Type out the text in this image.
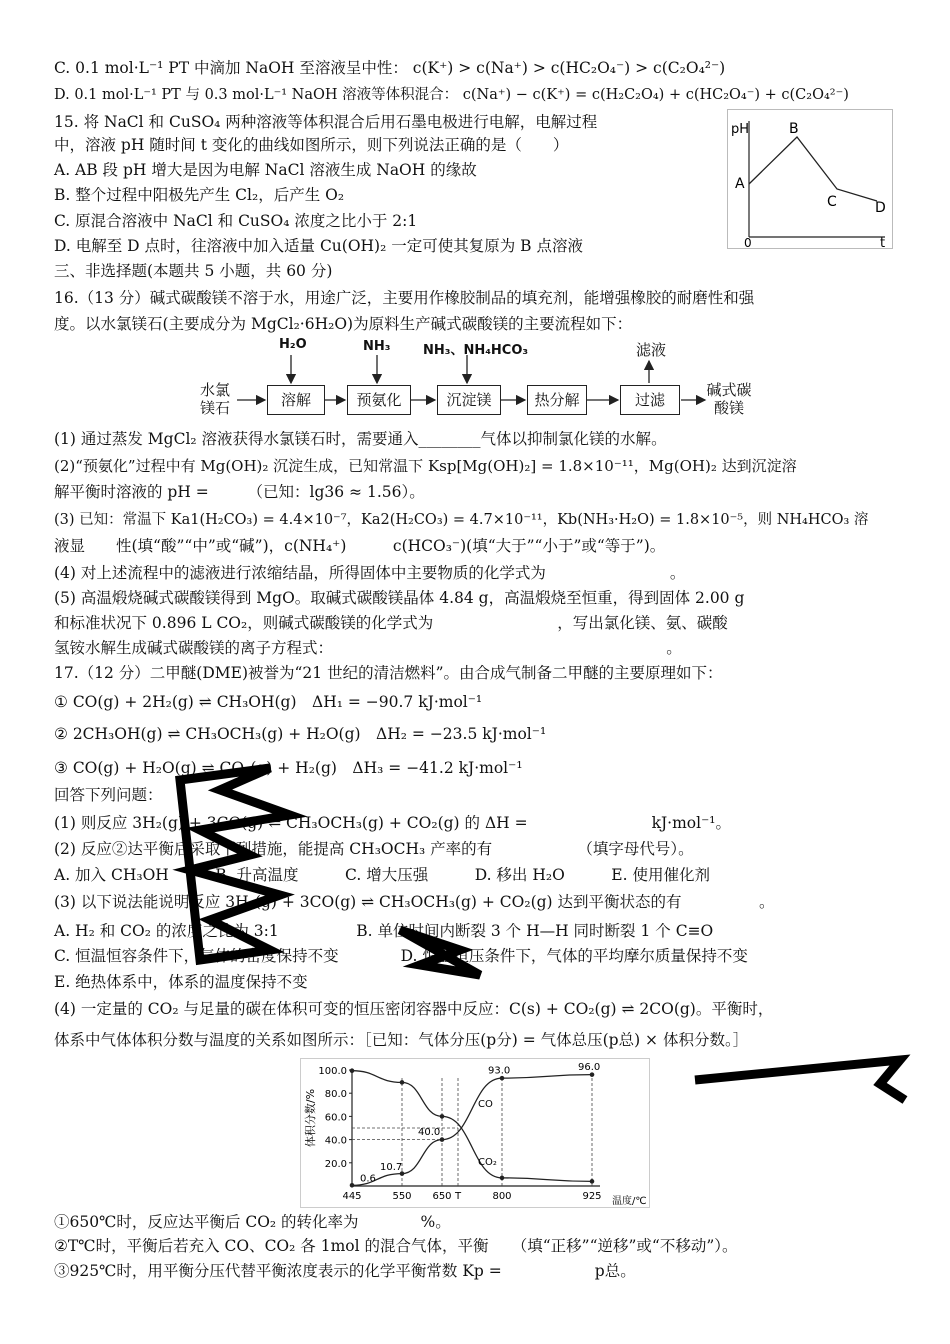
C. 0.1 mol·L⁻¹ PT 中滴加 NaOH 至溶液呈中性： c(K⁺) > c(Na⁺) > c(HC₂O₄⁻) > c(C₂O₄²⁻)
D. 0.1 mol·L⁻¹ PT 与 0.3 mol·L⁻¹ NaOH 溶液等体积混合： c(Na⁺) − c(K⁺) = c(H₂C₂O₄) + c(HC₂O₄⁻) + c(C₂O₄²⁻)
15. 将 NaCl 和 CuSO₄ 两种溶液等体积混合后用石墨电极进行电解，电解过程
中，溶液 pH 随时间 t 变化的曲线如图所示，则下列说法正确的是（　　）
A. AB 段 pH 增大是因为电解 NaCl 溶液生成 NaOH 的缘故
B. 整个过程中阳极先产生 Cl₂，后产生 O₂
C. 原混合溶液中 NaCl 和 CuSO₄ 浓度之比小于 2:1
D. 电解至 D 点时，往溶液中加入适量 Cu(OH)₂ 一定可使其复原为 B 点溶液
三、非选择题(本题共 5 小题，共 60 分)
16.（13 分）碱式碳酸镁不溶于水，用途广泛，主要用作橡胶制品的填充剂，能增强橡胶的耐磨性和强
度。以水氯镁石(主要成分为 MgCl₂·6H₂O)为原料生产碱式碳酸镁的主要流程如下：
pH
t
0
A
B
C	D
水氯镁石	溶解	预氨化	沉淀镁	热分解	过滤
碱式碳酸镁
H₂O	NH₃	NH₃、NH₄HCO₃	滤液
(1) 通过蒸发 MgCl₂ 溶液获得水氯镁石时，需要通入________气体以抑制氯化镁的水解。
(2)“预氨化”过程中有 Mg(OH)₂ 沉淀生成，已知常温下 Ksp[Mg(OH)₂] = 1.8×10⁻¹¹，Mg(OH)₂ 达到沉淀溶
解平衡时溶液的 pH =　　　（已知：lg36 ≈ 1.56）。
(3) 已知：常温下 Ka1(H₂CO₃) = 4.4×10⁻⁷，Ka2(H₂CO₃) = 4.7×10⁻¹¹，Kb(NH₃·H₂O) = 1.8×10⁻⁵，则 NH₄HCO₃ 溶
液显　　性(填“酸”“中”或“碱”)，c(NH₄⁺)　　　c(HCO₃⁻)(填“大于”“小于”或“等于”)。
(4) 对上述流程中的滤液进行浓缩结晶，所得固体中主要物质的化学式为　　　　　　　　。
(5) 高温煅烧碱式碳酸镁得到 MgO。取碱式碳酸镁晶体 4.84 g，高温煅烧至恒重，得到固体 2.00 g
和标准状况下 0.896 L CO₂，则碱式碳酸镁的化学式为　　　　　　　　，写出氯化镁、氨、碳酸
氢铵水解生成碱式碳酸镁的离子方程式：　　　　　　　　　　　　　　　　　　　　　　。
17.（12 分）二甲醚(DME)被誉为“21 世纪的清洁燃料”。由合成气制备二甲醚的主要原理如下：
① CO(g) + 2H₂(g) ⇌ CH₃OH(g)　ΔH₁ = −90.7 kJ·mol⁻¹
② 2CH₃OH(g) ⇌ CH₃OCH₃(g) + H₂O(g)　ΔH₂ = −23.5 kJ·mol⁻¹
③ CO(g) + H₂O(g) ⇌ CO₂(g) + H₂(g)　ΔH₃ = −41.2 kJ·mol⁻¹
回答下列问题：
(1) 则反应 3H₂(g) + 3CO(g) ⇌ CH₃OCH₃(g) + CO₂(g) 的 ΔH =　　　　　　　　kJ·mol⁻¹。
(2) 反应②达平衡后采取下列措施，能提高 CH₃OCH₃ 产率的有　　　　　　（填字母代号）。
A. 加入 CH₃OH　　　B. 升高温度　　　C. 增大压强　　　D. 移出 H₂O　　　E. 使用催化剂
(3) 以下说法能说明反应 3H₂(g) + 3CO(g) ⇌ CH₃OCH₃(g) + CO₂(g) 达到平衡状态的有　　　　　。
A. H₂ 和 CO₂ 的浓度之比为 3:1　　　　　B. 单位时间内断裂 3 个 H—H 同时断裂 1 个 C≡O
C. 恒温恒容条件下，气体的密度保持不变　　　　D. 恒温恒压条件下，气体的平均摩尔质量保持不变
E. 绝热体系中，体系的温度保持不变
(4) 一定量的 CO₂ 与足量的碳在体积可变的恒压密闭容器中反应：C(s) + CO₂(g) ⇌ 2CO(g)。平衡时，
体系中气体体积分数与温度的关系如图所示：［已知：气体分压(p分) = 气体总压(p总) × 体积分数。］
体积分数/%
温度/℃
100.0
80.0
60.0
40.0
20.0
445	550 650 T	800	925
CO
CO₂
0.6
10.7
40.0
93.0	96.0
①650℃时，反应达平衡后 CO₂ 的转化率为　　　　%。
②T℃时，平衡后若充入 CO、CO₂ 各 1mol 的混合气体，平衡　　（填“正移”“逆移”或“不移动”）。
③925℃时，用平衡分压代替平衡浓度表示的化学平衡常数 Kp =　　　　　　p总。
